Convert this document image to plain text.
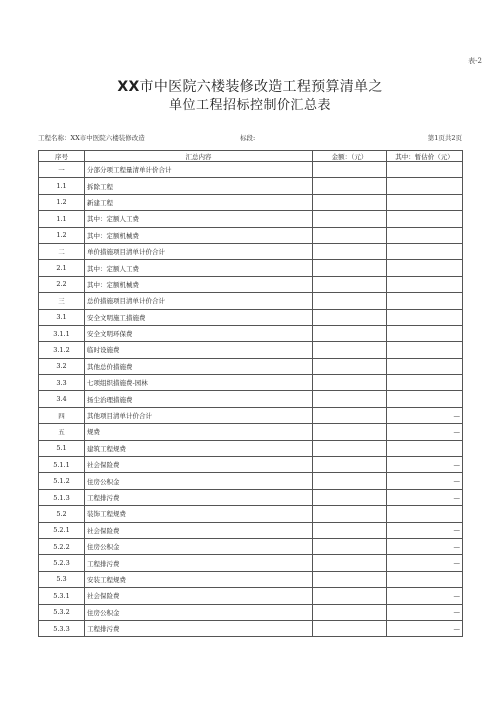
表-2
XX市中医院六楼装修改造工程预算清单之
单位工程招标控制价汇总表
工程名称：XX市中医院六楼装修改造	标段:	第1页共2页
序号	汇总内容	金额：（元）	其中：暂估价（元）
一	分部分项工程量清单计价合计		
1.1	拆除工程		
1.2	新建工程		
1.1	其中：定额人工费		
1.2	其中：定额机械费		
二	单价措施项目清单计价合计		
2.1	其中：定额人工费		
2.2	其中：定额机械费		
三	总价措施项目清单计价合计		
3.1	安全文明施工措施费		
3.1.1	安全文明环保费		
3.1.2	临时设施费		
3.2	其他总价措施费		
3.3	七项组织措施费-园林		
3.4	扬尘治理措施费		
四	其他项目清单计价合计		—
五	规费		—
5.1	建筑工程规费		
5.1.1	社会保险费		—
5.1.2	住房公积金		—
5.1.3	工程排污费		—
5.2	装饰工程规费		
5.2.1	社会保险费		—
5.2.2	住房公积金		—
5.2.3	工程排污费		—
5.3	安装工程规费		
5.3.1	社会保险费		—
5.3.2	住房公积金		—
5.3.3	工程排污费		—
